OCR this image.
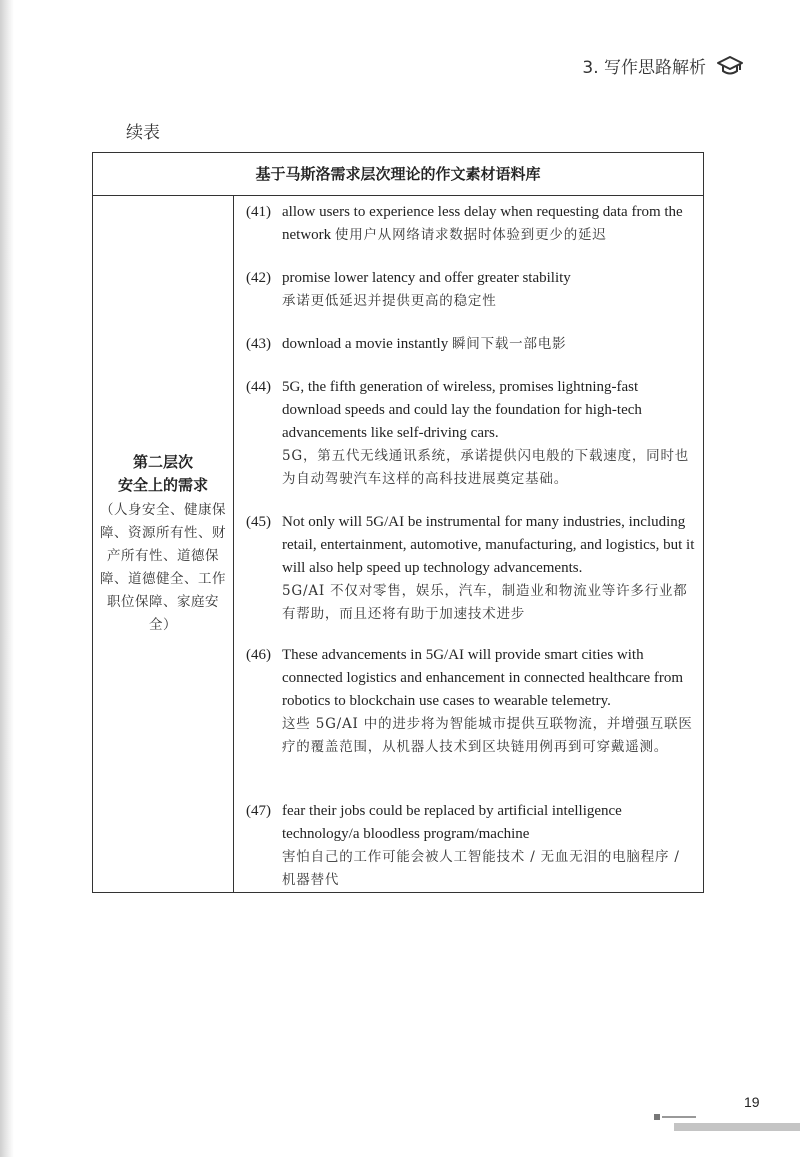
3. 写作思路解析
续表
基于马斯洛需求层次理论的作文素材语料库
第二层次
安全上的需求
（人身安全、健康保障、资源所有性、财产所有性、道德保障、道德健全、工作职位保障、家庭安全）
(41) allow users to experience less delay when requesting data from the network 使用户从网络请求数据时体验到更少的延迟
(42) promise lower latency and offer greater stability
承诺更低延迟并提供更高的稳定性
(43) download a movie instantly 瞬间下载一部电影
(44) 5G, the fifth generation of wireless, promises lightning-fast download speeds and could lay the foundation for high-tech advancements like self-driving cars.
5G，第五代无线通讯系统，承诺提供闪电般的下载速度，同时也为自动驾驶汽车这样的高科技进展奠定基础。
(45) Not only will 5G/AI be instrumental for many industries, including retail, entertainment, automotive, manufacturing, and logistics, but it will also help speed up technology advancements.
5G/AI 不仅对零售，娱乐，汽车，制造业和物流业等许多行业都有帮助，而且还将有助于加速技术进步
(46) These advancements in 5G/AI will provide smart cities with connected logistics and enhancement in connected healthcare from robotics to blockchain use cases to wearable telemetry.
这些 5G/AI 中的进步将为智能城市提供互联物流，并增强互联医疗的覆盖范围，从机器人技术到区块链用例再到可穿戴遥测。
(47) fear their jobs could be replaced by artificial intelligence technology/a bloodless program/machine
害怕自己的工作可能会被人工智能技术 / 无血无泪的电脑程序 / 机器替代
19
